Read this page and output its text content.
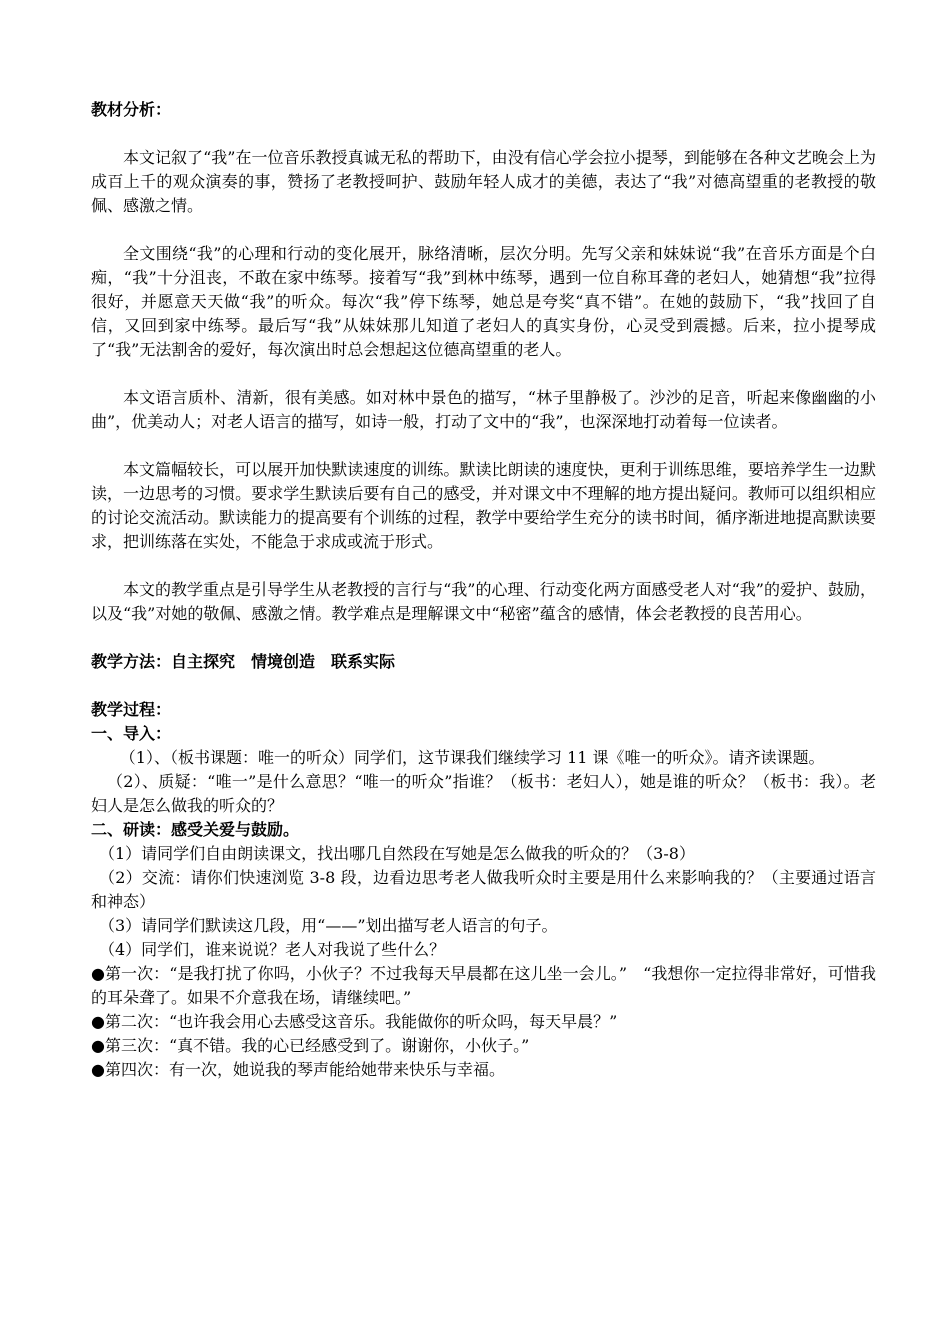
教材分析：

本文记叙了“我”在一位音乐教授真诚无私的帮助下，由没有信心学会拉小提琴，到能够在各种文艺晚会上为成百上千的观众演奏的事，赞扬了老教授呵护、鼓励年轻人成才的美德，表达了“我”对德高望重的老教授的敬佩、感激之情。

全文围绕“我”的心理和行动的变化展开，脉络清晰，层次分明。先写父亲和妹妹说“我”在音乐方面是个白痴，“我”十分沮丧，不敢在家中练琴。接着写“我”到林中练琴，遇到一位自称耳聋的老妇人，她猜想“我”拉得很好，并愿意天天做“我”的听众。每次“我”停下练琴，她总是夸奖“真不错”。在她的鼓励下，“我”找回了自信，又回到家中练琴。最后写“我”从妹妹那儿知道了老妇人的真实身份，心灵受到震撼。后来，拉小提琴成了“我”无法割舍的爱好，每次演出时总会想起这位德高望重的老人。

本文语言质朴、清新，很有美感。如对林中景色的描写，“林子里静极了。沙沙的足音，听起来像幽幽的小曲”，优美动人；对老人语言的描写，如诗一般，打动了文中的“我”，也深深地打动着每一位读者。

本文篇幅较长，可以展开加快默读速度的训练。默读比朗读的速度快，更利于训练思维，要培养学生一边默读，一边思考的习惯。要求学生默读后要有自己的感受，并对课文中不理解的地方提出疑问。教师可以组织相应的讨论交流活动。默读能力的提高要有个训练的过程，教学中要给学生充分的读书时间，循序渐进地提高默读要求，把训练落在实处，不能急于求成或流于形式。

本文的教学重点是引导学生从老教授的言行与“我”的心理、行动变化两方面感受老人对“我”的爱护、鼓励，以及“我”对她的敬佩、感激之情。教学难点是理解课文中“秘密”蕴含的感情，体会老教授的良苦用心。

教学方法：自主探究　情境创造　联系实际

教学过程：

一、导入：

（1）、（板书课题：唯一的听众）同学们，这节课我们继续学习 11 课《唯一的听众》。请齐读课题。

（2）、质疑：“唯一”是什么意思？“唯一的听众”指谁？（板书：老妇人），她是谁的听众？（板书：我）。老妇人是怎么做我的听众的？

二、研读：感受关爱与鼓励。

（1）请同学们自由朗读课文，找出哪几自然段在写她是怎么做我的听众的？（3-8）

（2）交流：请你们快速浏览 3-8 段，边看边思考老人做我听众时主要是用什么来影响我的？（主要通过语言和神态）

（3）请同学们默读这几段，用“——”划出描写老人语言的句子。

（4）同学们，谁来说说？老人对我说了些什么？

●第一次：“是我打扰了你吗，小伙子？不过我每天早晨都在这儿坐一会儿。”　“我想你一定拉得非常好，可惜我的耳朵聋了。如果不介意我在场，请继续吧。”

●第二次：“也许我会用心去感受这音乐。我能做你的听众吗，每天早晨？”

●第三次：“真不错。我的心已经感受到了。谢谢你，小伙子。”

●第四次：有一次，她说我的琴声能给她带来快乐与幸福。
